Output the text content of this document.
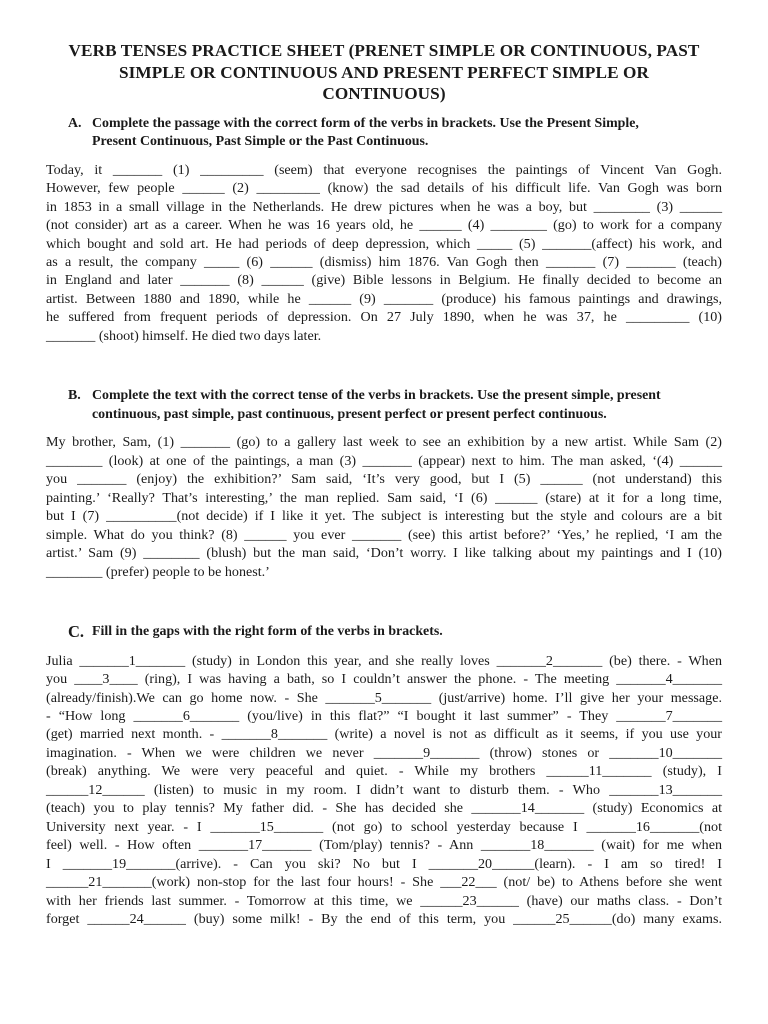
VERB TENSES PRACTICE SHEET (PRENET SIMPLE OR CONTINUOUS, PAST
SIMPLE OR CONTINUOUS AND PRESENT PERFECT SIMPLE OR
CONTINUOUS)
A. Complete the passage with the correct form of the verbs in brackets. Use the Present Simple,
Present Continuous, Past Simple or the Past Continuous.
Today, it _______ (1) _________ (seem) that everyone recognises the paintings of Vincent Van Gogh.
However, few people ______ (2) _________ (know) the sad details of his difficult life. Van Gogh was born
in 1853 in a small village in the Netherlands. He drew pictures when he was a boy, but ________ (3) ______
(not consider) art as a career. When he was 16 years old, he ______ (4) ________ (go) to work for a company
which bought and sold art. He had periods of deep depression, which _____ (5) _______(affect) his work, and
as a result, the company _____ (6) ______ (dismiss) him 1876. Van Gogh then _______ (7) _______ (teach)
in England and later _______ (8) ______ (give) Bible lessons in Belgium. He finally decided to become an
artist. Between 1880 and 1890, while he ______ (9) _______ (produce) his famous paintings and drawings,
he suffered from frequent periods of depression. On 27 July 1890, when he was 37, he _________ (10)
_______ (shoot) himself. He died two days later.
B. Complete the text with the correct tense of the verbs in brackets. Use the present simple, present
continuous, past simple, past continuous, present perfect or present perfect continuous.
My brother, Sam, (1) _______ (go) to a gallery last week to see an exhibition by a new artist. While Sam (2)
________ (look) at one of the paintings, a man (3) _______ (appear) next to him. The man asked, ‘(4) ______
you _______ (enjoy) the exhibition?’ Sam said, ‘It’s very good, but I (5) ______ (not understand) this
painting.’ ‘Really? That’s interesting,’ the man replied. Sam said, ‘I (6) ______ (stare) at it for a long time,
but I (7) __________(not decide) if I like it yet. The subject is interesting but the style and colours are a bit
simple. What do you think? (8) ______ you ever _______ (see) this artist before?’ ‘Yes,’ he replied, ‘I am the
artist.’ Sam (9) ________ (blush) but the man said, ‘Don’t worry. I like talking about my paintings and I (10)
________ (prefer) people to be honest.’
C. Fill in the gaps with the right form of the verbs in brackets.
Julia _______1_______ (study) in London this year, and she really loves _______2_______ (be) there. - When
you ____3____ (ring), I was having a bath, so I couldn’t answer the phone. - The meeting _______4_______
(already/finish).We can go home now. - She _______5_______ (just/arrive) home. I’ll give her your message.
- “How long _______6_______ (you/live) in this flat?” “I bought it last summer” - They _______7_______
(get) married next month. - _______8_______ (write) a novel is not as difficult as it seems, if you use your
imagination. - When we were children we never _______9_______ (throw) stones or _______10_______
(break) anything. We were very peaceful and quiet. - While my brothers ______11_______ (study), I
______12______ (listen) to music in my room. I didn’t want to disturb them. - Who _______13_______
(teach) you to play tennis? My father did. - She has decided she _______14_______ (study) Economics at
University next year. - I _______15_______ (not go) to school yesterday because I _______16_______(not
feel) well. - How often _______17_______ (Tom/play) tennis? - Ann _______18_______ (wait) for me when
I _______19_______(arrive). - Can you ski? No but I _______20______(learn). - I am so tired! I
______21_______(work) non-stop for the last four hours! - She ___22___ (not/ be) to Athens before she went
with her friends last summer. - Tomorrow at this time, we ______23______ (have) our maths class. - Don’t
forget ______24______ (buy) some milk! - By the end of this term, you ______25______(do) many exams.
